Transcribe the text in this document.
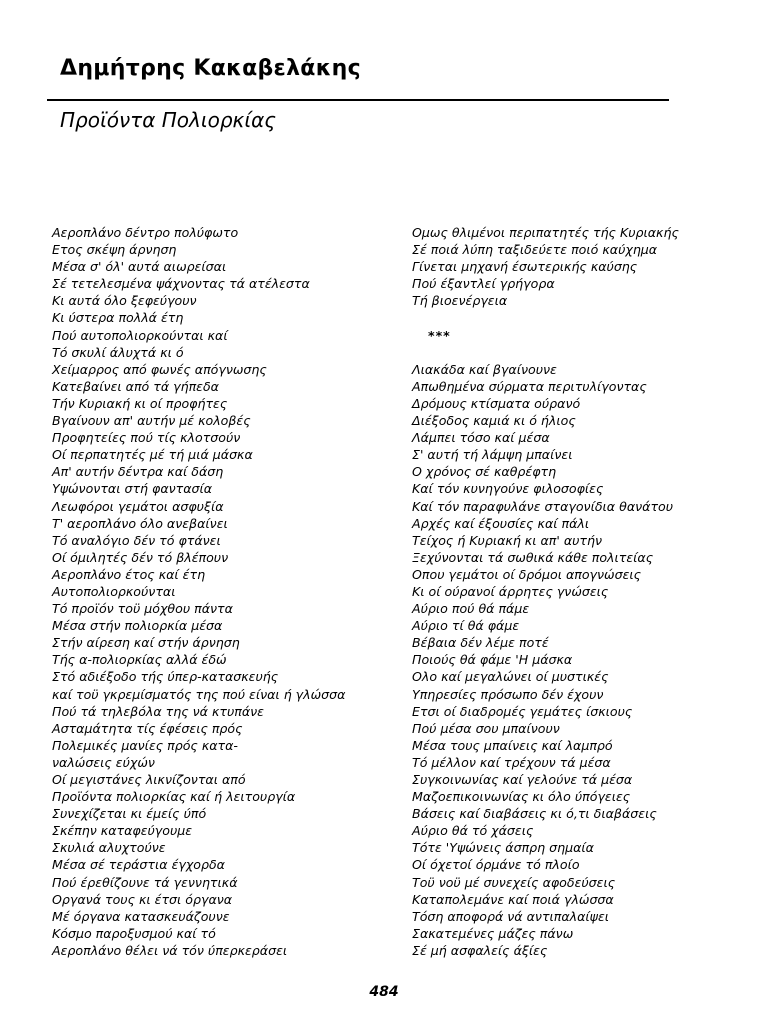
Δημήτρης Κακαβελάκης
Προϊόντα Πολιορκίας
Αεροπλάνο δέντρο πολύφωτο
Ετος σκέψη άρνηση
Μέσα σ' όλ' αυτά αιωρείσαι
Σέ τετελεσμένα ψάχνοντας τά ατέλεστα
Κι αυτά όλο ξεφεύγουν
Κι ύστερα πολλά έτη
Πού αυτοπολιορκούνται καί
Τό σκυλί άλυχτά κι ό
Χείμαρρος από φωνές απόγνωσης
Κατεβαίνει από τά γήπεδα
Τήν Κυριακή κι οί προφήτες
Βγαίνουν απ' αυτήν μέ κολοβές
Προφητείες πού τίς κλοτσούν
Οί περπατητές μέ τή μιά μάσκα
Απ' αυτήν δέντρα καί δάση
Υψώνονται στή φαντασία
Λεωφόροι γεμάτοι ασφυξία
Τ' αεροπλάνο όλο ανεβαίνει
Τό αναλόγιο δέν τό φτάνει
Οί όμιλητές δέν τό βλέπουν
Αεροπλάνο έτος καί έτη
Αυτοπολιορκούνται
Τό προϊόν τοϋ μόχθου πάντα
Μέσα στήν πολιορκία μέσα
Στήν αίρεση καί στήν άρνηση
Τής α-πολιορκίας αλλά έδώ
Στό αδιέξοδο τής ύπερ-κατασκευής
καί τοϋ γκρεμίσματός της πού είναι ή γλώσσα
Πού τά τηλεβόλα της νά κτυπάνε
Ασταμάτητα τίς έφέσεις πρός
Πολεμικές μανίες πρός κατα-
ναλώσεις εύχών
Οί μεγιστάνες λικνίζονται από
Προϊόντα πολιορκίας καί ή λειτουργία
Συνεχίζεται κι έμείς ύπό
Σκέπην καταφεύγουμε
Σκυλιά αλυχτούνε
Μέσα σέ τεράστια έγχορδα
Πού έρεθίζουνε τά γεννητικά
Οργανά τους κι έτσι όργανα
Μέ όργανα κατασκευάζουνε
Κόσμο παροξυσμού καί τό
Αεροπλάνο θέλει νά τόν ύπερκεράσει
Ομως θλιμένοι περιπατητές τής Κυριακής
Σέ ποιά λύπη ταξιδεύετε ποιό καύχημα
Γίνεται μηχανή έσωτερικής καύσης
Πού έξαντλεί γρήγορα
Τή βιοενέργεια
***
Λιακάδα καί βγαίνουνε
Απωθημένα σύρματα περιτυλίγοντας
Δρόμους κτίσματα ούρανό
Διέξοδος καμιά κι ό ήλιος
Λάμπει τόσο καί μέσα
Σ' αυτή τή λάμψη μπαίνει
Ο χρόνος σέ καθρέφτη
Καί τόν κυνηγούνε φιλοσοφίες
Καί τόν παραφυλάνε σταγονίδια θανάτου
Αρχές καί έξουσίες καί πάλι
Τείχος ή Κυριακή κι απ' αυτήν
Ξεχύνονται τά σωθικά κάθε πολιτείας
Οπου γεμάτοι οί δρόμοι απογνώσεις
Κι οί ούρανοί άρρητες γνώσεις
Αύριο πού θά πάμε
Αύριο τί θά φάμε
Βέβαια δέν λέμε ποτέ
Ποιούς θά φάμε 'Η μάσκα
Ολο καί μεγαλώνει οί μυστικές
Υπηρεσίες πρόσωπο δέν έχουν
Ετσι οί διαδρομές γεμάτες ίσκιους
Πού μέσα σου μπαίνουν
Μέσα τους μπαίνεις καί λαμπρό
Τό μέλλον καί τρέχουν τά μέσα
Συγκοινωνίας καί γελούνε τά μέσα
Μαζοεπικοινωνίας κι όλο ύπόγειες
Βάσεις καί διαβάσεις κι ό,τι διαβάσεις
Αύριο θά τό χάσεις
Τότε 'Υψώνεις άσπρη σημαία
Οί όχετοί όρμάνε τό πλοίο
Τοϋ νοϋ μέ συνεχείς αφοδεύσεις
Καταπολεμάνε καί ποιά γλώσσα
Τόση αποφορά νά αντιπαλαίψει
Σακατεμένες μάζες πάνω
Σέ μή ασφαλείς άξίες
484
